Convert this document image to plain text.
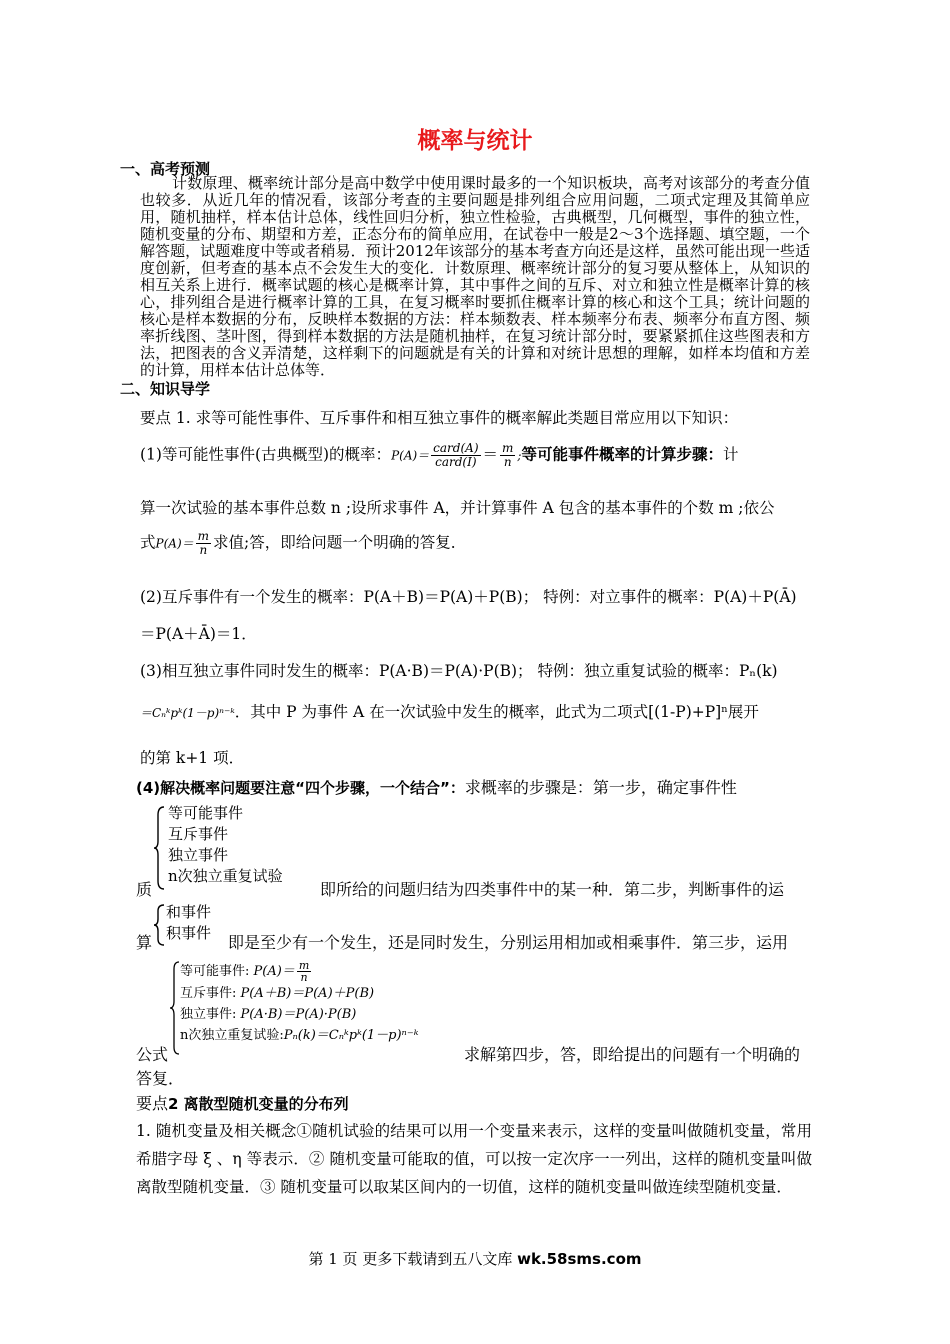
概率与统计
一、高考预测
计数原理、概率统计部分是高中数学中使用课时最多的一个知识板块，高考对该部分的考查分值也较多．从近几年的情况看，该部分考查的主要问题是排列组合应用问题，二项式定理及其简单应用，随机抽样，样本估计总体，线性回归分析，独立性检验，古典概型，几何概型，事件的独立性，随机变量的分布、期望和方差，正态分布的简单应用，在试卷中一般是2～3个选择题、填空题，一个解答题，试题难度中等或者稍易．预计2012年该部分的基本考查方向还是这样，虽然可能出现一些适度创新，但考查的基本点不会发生大的变化．计数原理、概率统计部分的复习要从整体上，从知识的相互关系上进行．概率试题的核心是概率计算，其中事件之间的互斥、对立和独立性是概率计算的核心，排列组合是进行概率计算的工具，在复习概率时要抓住概率计算的核心和这个工具；统计问题的核心是样本数据的分布，反映样本数据的方法：样本频数表、样本频率分布表、频率分布直方图、频率折线图、茎叶图，得到样本数据的方法是随机抽样，在复习统计部分时，要紧紧抓住这些图表和方法，把图表的含义弄清楚，这样剩下的问题就是有关的计算和对统计思想的理解，如样本均值和方差的计算，用样本估计总体等．
二、知识导学
要点 1. 求等可能性事件、互斥事件和相互独立事件的概率解此类题目常应用以下知识：
(1)等可能性事件(古典概型)的概率：$P(A)= \frac{\text{card(A)}}{\text{card(I)}} = \frac{m}{n}$ ;等可能事件概率的计算步骤：计
算一次试验的基本事件总数 n ;设所求事件 A，并计算事件 A 包含的基本事件的个数 m ;依公
式$P(A)= \frac{m}{n}$ 求值;答，即给问题一个明确的答复．
(2)互斥事件有一个发生的概率：P(A＋B)＝P(A)＋P(B)； 特例：对立事件的概率：P(A)＋P(Ā)
＝P(A＋Ā)＝1．
(3)相互独立事件同时发生的概率：P(A·B)＝P(A)·P(B)； 特例：独立重复试验的概率：Pₙ(k)
＝Cₙᵏpᵏ(1－p)ⁿ⁻ᵏ．其中 P 为事件 A 在一次试验中发生的概率，此式为二项式[(1-P)+P]ⁿ展开
的第 k+1 项．
(4)解决概率问题要注意“四个步骤，一个结合”：求概率的步骤是：第一步，确定事件性
等可能事件
互斥事件
独立事件
n次独立重复试验
质	即所给的问题归结为四类事件中的某一种．第二步，判断事件的运
和事件
积事件
算	即是至少有一个发生，还是同时发生，分别运用相加或相乘事件．第三步，运用
等可能事件: $P(A)= \frac{m}{n}$
互斥事件: P(A＋B)＝P(A)＋P(B)
独立事件: P(A·B)＝P(A)·P(B)
n次独立重复试验:Pₙ(k)＝Cₙᵏpᵏ(1－p)ⁿ⁻ᵏ
公式	求解第四步，答，即给提出的问题有一个明确的
答复．
要点2 离散型随机变量的分布列
1. 随机变量及相关概念①随机试验的结果可以用一个变量来表示，这样的变量叫做随机变量，常用希腊字母 ξ 、η 等表示．② 随机变量可能取的值，可以按一定次序一一列出，这样的随机变量叫做离散型随机变量．③ 随机变量可以取某区间内的一切值，这样的随机变量叫做连续型随机变量．
第 1 页 更多下载请到五八文库 wk.58sms.com
